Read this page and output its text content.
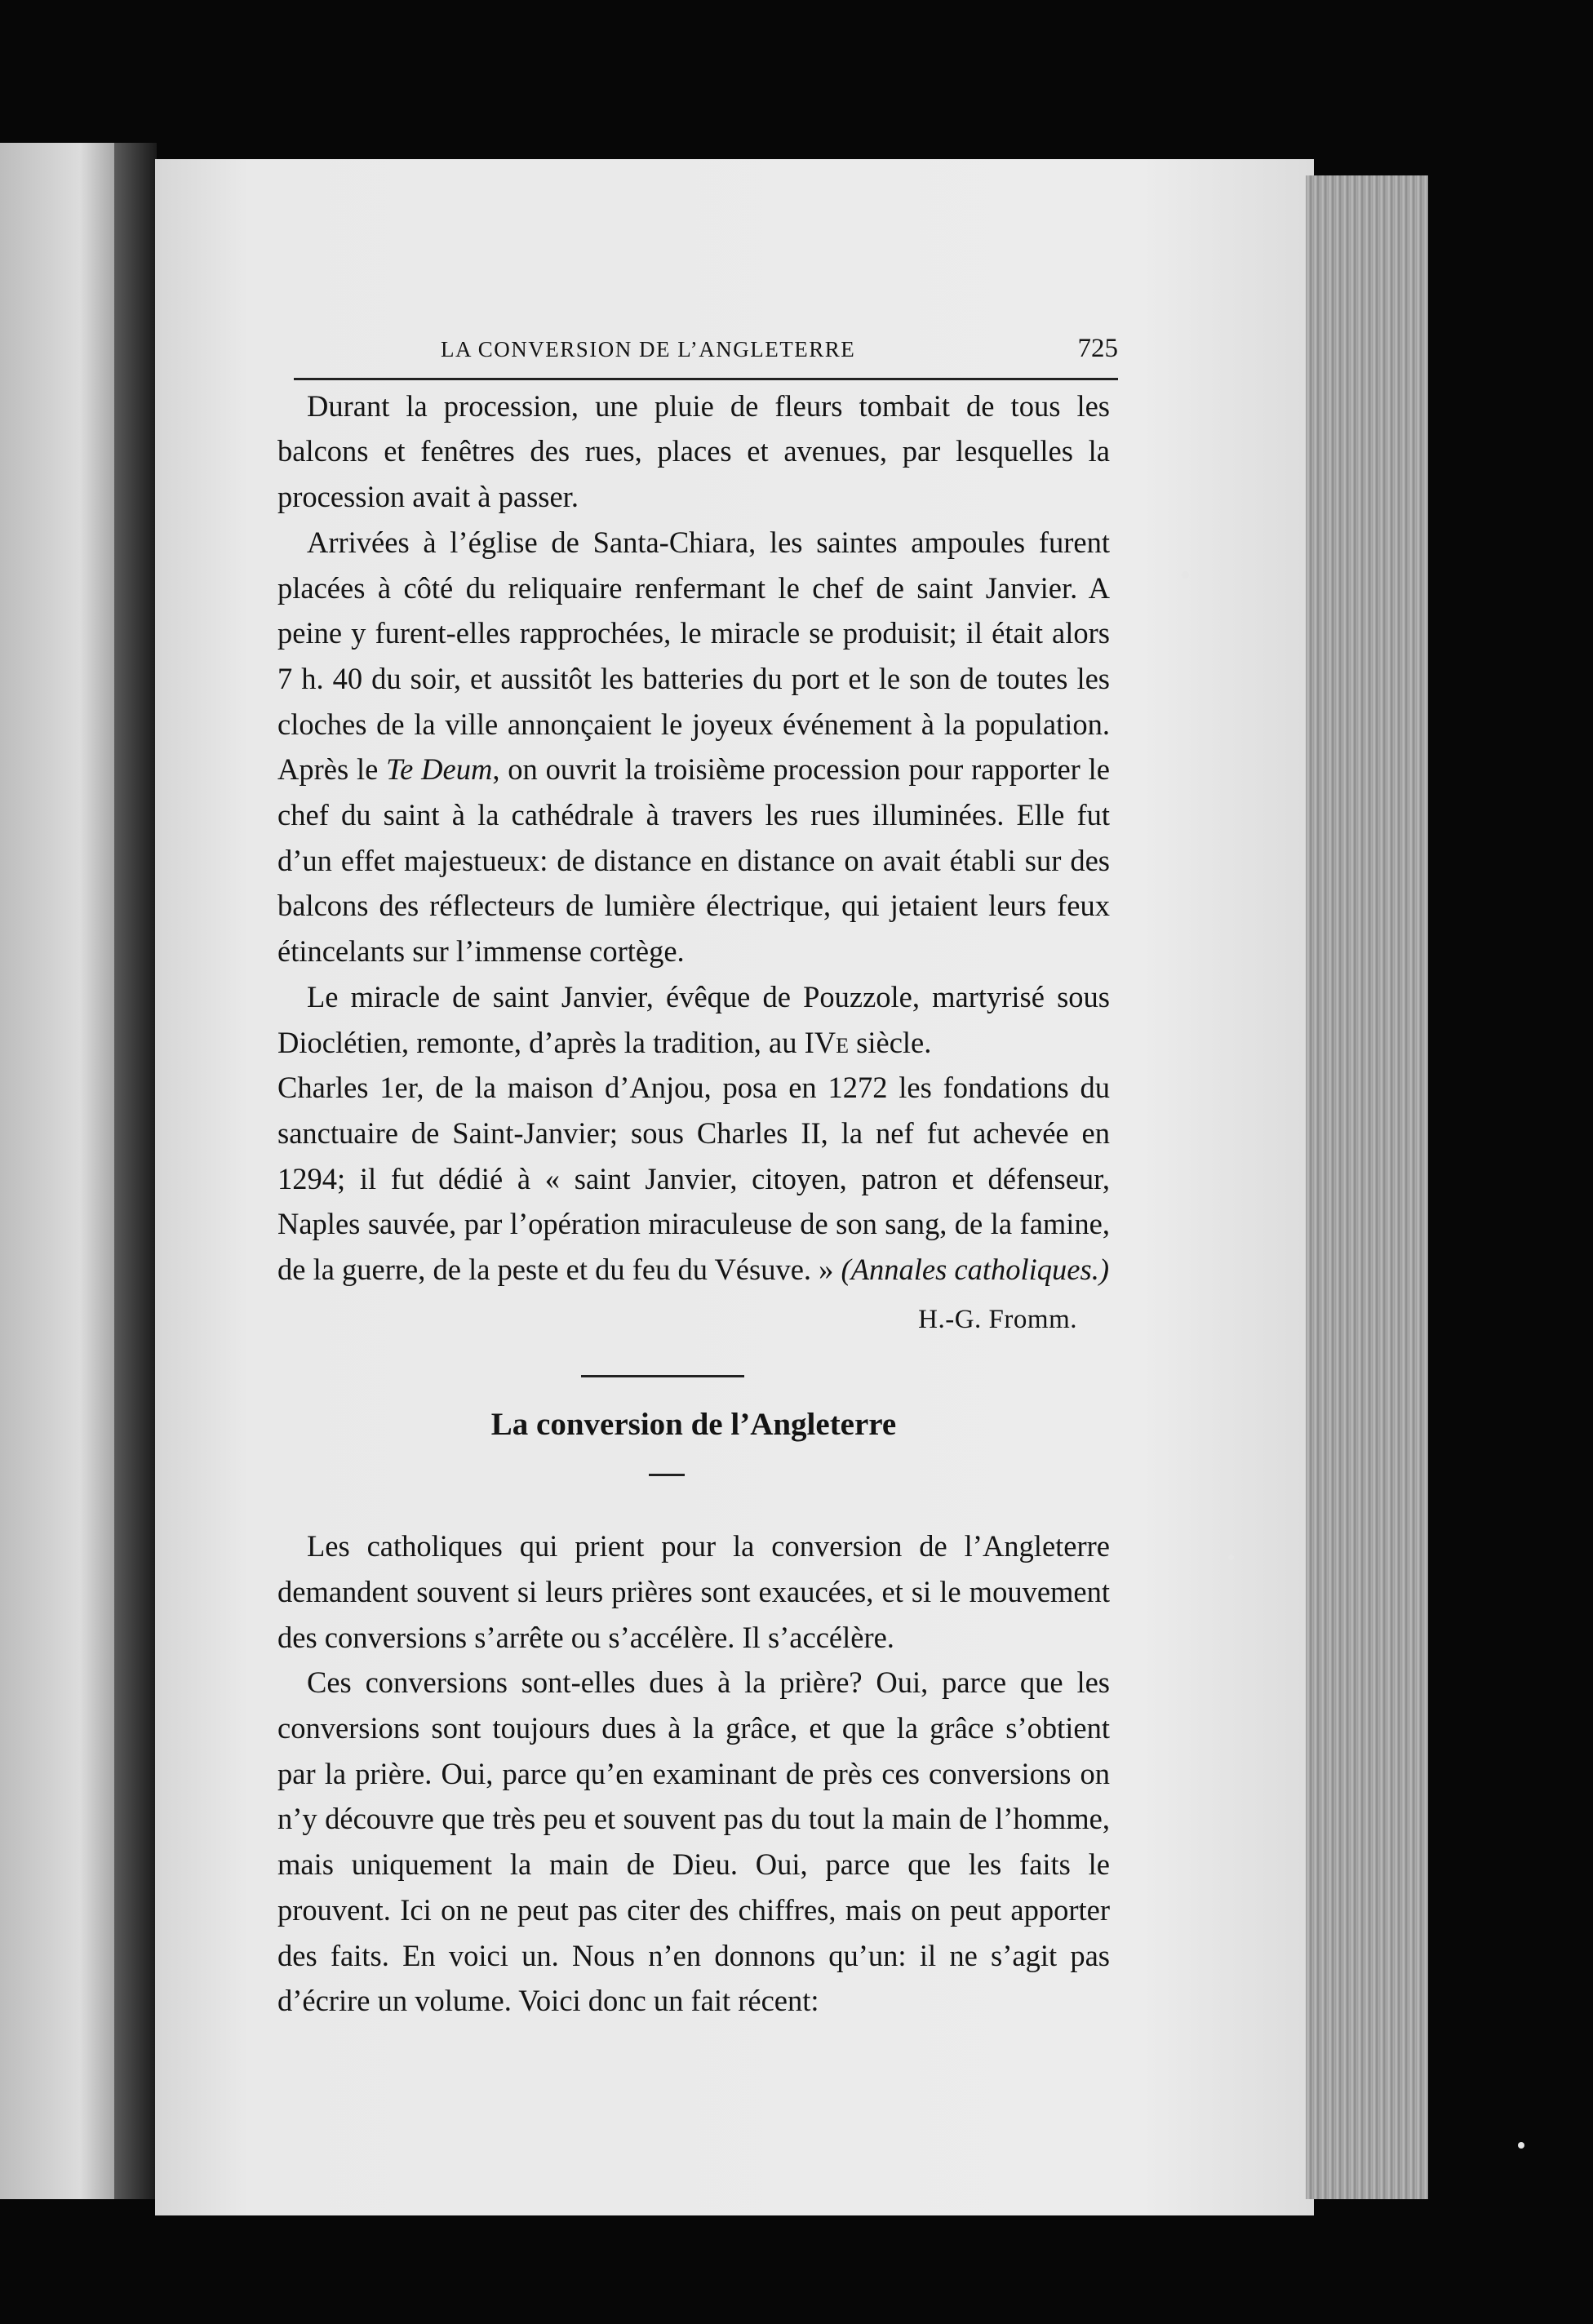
LA CONVERSION DE L’ANGLETERRE	725

Durant la procession, une pluie de fleurs tombait de tous les balcons et fenêtres des rues, places et avenues, par lesquelles la procession avait à passer.

Arrivées à l’église de Santa-Chiara, les saintes ampoules furent placées à côté du reliquaire renfermant le chef de saint Janvier. A peine y furent-elles rapprochées, le miracle se produisit; il était alors 7 h. 40 du soir, et aussitôt les batteries du port et le son de toutes les cloches de la ville annonçaient le joyeux événement à la population. Après le Te Deum, on ouvrit la troisième procession pour rapporter le chef du saint à la cathédrale à travers les rues illuminées. Elle fut d’un effet majestueux: de distance en distance on avait établi sur des balcons des réflecteurs de lumière électrique, qui jetaient leurs feux étincelants sur l’immense cortège.

Le miracle de saint Janvier, évêque de Pouzzole, martyrisé sous Dioclétien, remonte, d’après la tradition, au IVe siècle.

Charles 1er, de la maison d’Anjou, posa en 1272 les fondations du sanctuaire de Saint-Janvier; sous Charles II, la nef fut achevée en 1294; il fut dédié à « saint Janvier, citoyen, patron et défenseur, Naples sauvée, par l’opération miraculeuse de son sang, de la famine, de la guerre, de la peste et du feu du Vésuve. » (Annales catholiques.)

H.-G. Fromm.
La conversion de l’Angleterre

Les catholiques qui prient pour la conversion de l’Angleterre demandent souvent si leurs prières sont exaucées, et si le mouvement des conversions s’arrête ou s’accélère. Il s’accélère.

Ces conversions sont-elles dues à la prière? Oui, parce que les conversions sont toujours dues à la grâce, et que la grâce s’obtient par la prière. Oui, parce qu’en examinant de près ces conversions on n’y découvre que très peu et souvent pas du tout la main de l’homme, mais uniquement la main de Dieu. Oui, parce que les faits le prouvent. Ici on ne peut pas citer des chiffres, mais on peut apporter des faits. En voici un. Nous n’en donnons qu’un: il ne s’agit pas d’écrire un volume. Voici donc un fait récent:
